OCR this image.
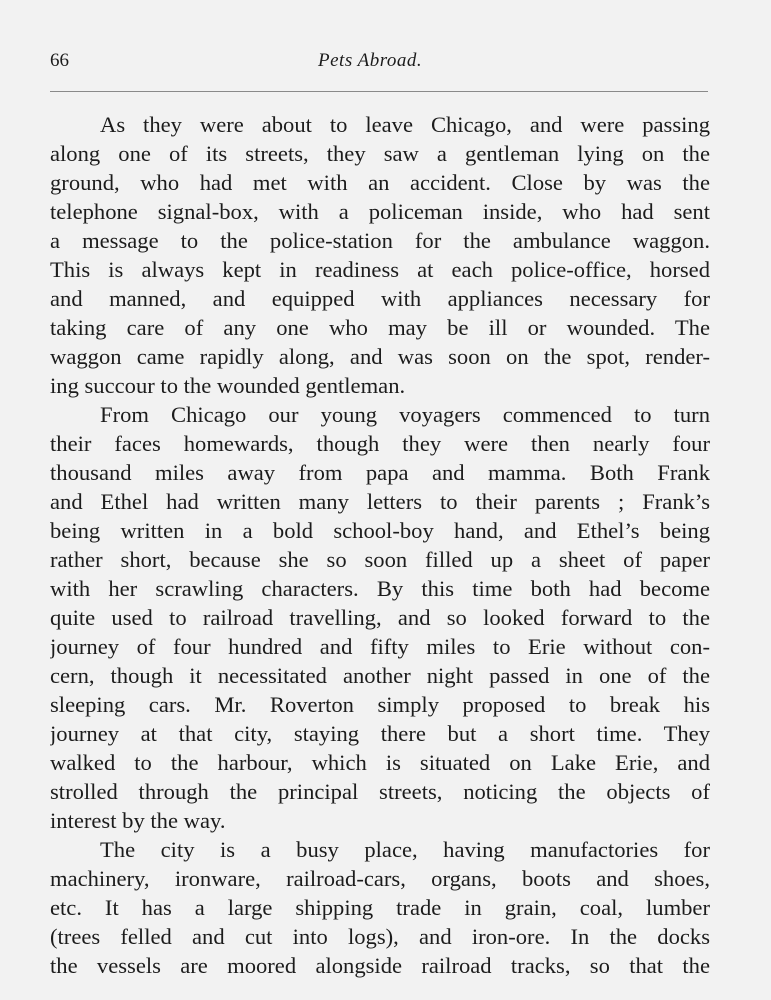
66	Pets Abroad.
As they were about to leave Chicago, and were passing
along one of its streets, they saw a gentleman lying on the
ground, who had met with an accident. Close by was the
telephone signal-box, with a policeman inside, who had sent
a message to the police-station for the ambulance waggon.
This is always kept in readiness at each police-office, horsed
and manned, and equipped with appliances necessary for
taking care of any one who may be ill or wounded. The
waggon came rapidly along, and was soon on the spot, render-
ing succour to the wounded gentleman.
From Chicago our young voyagers commenced to turn
their faces homewards, though they were then nearly four
thousand miles away from papa and mamma. Both Frank
and Ethel had written many letters to their parents ; Frank’s
being written in a bold school-boy hand, and Ethel’s being
rather short, because she so soon filled up a sheet of paper
with her scrawling characters. By this time both had become
quite used to railroad travelling, and so looked forward to the
journey of four hundred and fifty miles to Erie without con-
cern, though it necessitated another night passed in one of the
sleeping cars. Mr. Roverton simply proposed to break his
journey at that city, staying there but a short time. They
walked to the harbour, which is situated on Lake Erie, and
strolled through the principal streets, noticing the objects of
interest by the way.
The city is a busy place, having manufactories for
machinery, ironware, railroad-cars, organs, boots and shoes,
etc. It has a large shipping trade in grain, coal, lumber
(trees felled and cut into logs), and iron-ore. In the docks
the vessels are moored alongside railroad tracks, so that the
